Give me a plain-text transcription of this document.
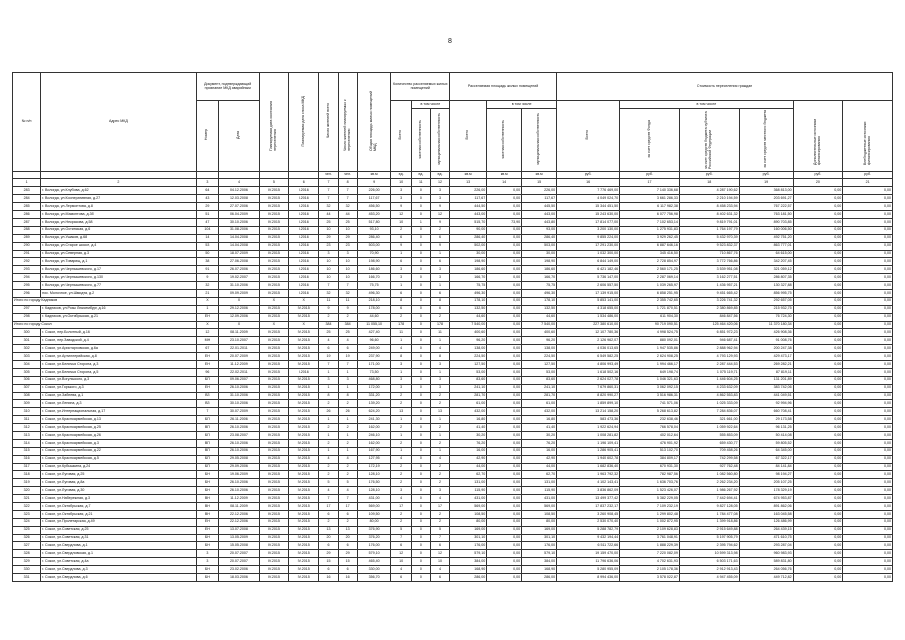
8
№ п/п	Адрес МКД	Документ, подтверждающий признание МКД аварийным		Планируемая дата окончания переселения	Планируемая дата сноса МКД	Число жителей всего	Число жителей планируемых к переселению	Общая площадь жилых помещений МКД	Количество расселяемых жилых помещений			Расселяемая площадь жилых помещений			Стоимость переселения граждан					
		Номер	Дата						Всего	в том числе		Всего	в том числе		Всего	в том числе			Дополнительные источники финансирования	Внебюджетные источники финансирования
										частная собственность	муниципальная собственность		частная собственность	муниципальная собственность		за счет средств Фонда	за счет средств бюджета субъекта Российской Федерации	за счет средств местного бюджета		
						чел.	чел.	кв.м	ед.	ед.	ед.	кв.м	кв.м	кв.м	руб.	руб.	руб.	руб.	руб.	руб.
1	2	3	4	5	6	7	8	9	10	11	12	13	14	15	16	17	18	19	20	21
283	г. Вологда, ул.Клубова, д.62	64	04.12.2006	IV.2015	I.2016	7	7	226,00	3	0	3	226,00	0,00	226,00	7 776 469,00	7 140 336,68	4 287 190,62	368 813,00	0,00	0,00
284	г. Вологда, ул.Кооперативная, д.27	43	12.03.2008	IV.2015	I.2016	7	7	117,67	3	0	3	117,67	0,00	117,67	4 049 024,70	3 661 286,33	2 210 194,59	203 691,27	0,00	0,00
285	г. Вологда, ул.Лермонтова, д.8	29	27.07.2006	IV.2015	I.2016	32	32	456,50	9	0	9	444,50	0,00	445,50	15 344 451,50	6 117 982,38	8 458 233,94	767 222,57	0,00	0,00
286	г. Вологда, ул.Мамонтова, д.3б	51	06.04.2009	IV.2015	I.2016	44	44	453,20	12	0	12	443,00	0,00	443,00	15 243 630,00	6 077 756,98	8 402 631,32	763 181,50	0,00	0,00
287	г. Вологда, ул.Некрасова, д.58	47	30.10.2006	IV.2015	I.2016	25	25	517,80	10	1	9	515,70	73,90	443,80	17 814 077,00	7 102 653,14	9 819 791,01	890 703,85	0,00	0,00
288	г. Вологда, ул.Остинская, д.6	104	31.08.2006	IV.2015	I.2016	10	10	93,10	2	0	2	90,00	0,00	93,00	3 200 130,00	1 275 931,83	1 764 197,79	160 006,50	0,00	0,00
289	г. Вологда, ул.Ушаков, д.68	14	14.04.2008	IV.2015	I.2016	29	29	286,40	6	0	6	286,40	0,00	286,40	9 855 224,00	3 929 262,45	5 432 970,39	492 751,20	0,00	0,00
290	г. Вологда, ул.Старое шоссе, д.4	53	14.04.2008	IV.2015	I.2016	23	23	503,00	9	0	9	502,00	0,00	503,00	17 291 230,00	6 887 646,16	9 523 832,37	863 777,01	0,00	0,00
291	г. Вологда, ул.Северная, д.3	50	18.07.2009	IV.2015	I.2016	3	3	70,90	1	0	1	30,00	0,00	30,00	1 032 300,00	345 416,50	710 867,76	64 615,00	0,00	0,00
292	г. Вологда, ул.Товарищ, д.1	38	27.06.2008	IV.2015	I.2016	10	10	198,90	6	0	6	198,90	0,00	198,90	6 844 149,00	2 728 854,97	3 772 766,86	342 207,45	0,00	0,00
293	г. Вологда, ул.Чернышевского, д.17	91	26.07.2006	IV.2015	I.2016	10	10	186,60	3	0	3	186,60	0,00	186,60	6 421 182,46	2 560 171,25	3 539 951,08	321 059,12	0,00	0,00
294	г. Вологда, ул.Чернышевского, д.130	9	19.02.2007	IV.2015	I.2016	10	10	166,70	3	0	3	166,70	0,00	166,70	5 736 147,00	2 287 069,14	3 162 277,51	286 807,35	0,00	0,00
295	г. Вологда, ул.Чернышевского, д.77	32	31.10.2006	IV.2015	I.2016	7	7	75,75	1	0	1	75,75	0,00	75,75	2 606 557,50	1 039 265,97	1 436 957,21	130 327,88	0,00	0,00
296	пос. Молочное, ул.Шмидта, д.2	21	09.09.2009	IV.2015	I.2016	32	32	496,30	6	0	6	496,30	0,00	496,30	17 139 915,00	6 858 251,95	9 451 665,42	856 995,75	0,00	0,00
Итого по городу Кадников		X	X	X	X	11	11	218,10	8	0	8	178,10	0,00	178,10	5 853 141,00	2 355 742,65	3 226 741,32	292 657,05	0,00	0,00
297	г. Кадников, ул.Розы Люксембург, д.16	1	29.12.2006	IV.2015	IV.2015	9	9	178,00	6	0	6	132,50	0,00	132,50	4 318 655,00	1 721 870,51	2 380 869,85	215 932,75	0,00	0,00
298	г. Кадников, ул.Октябрьская, д.21	EH	12.09.2006	IV.2015	IV.2015	2	2	44,60	2	0	2	44,60	0,00	44,60	1 534 486,00	611 904,30	846 847,56	76 724,30	0,00	0,00
Итого по городу Сокол		X	X	X	X	384	384	11 055,10	178	0	178	7 540,00	0,00	7 540,00	227 380 610,00	90 719 090,51	125 464 420,06	11 370 180,34	0,00	0,00
300	г. Сокол, пер.Болотный, д.16	12	08.11.2009	IV.2015	IV.2015	25	25	427,40	11	0	11	400,60	0,00	400,60	12 107 780,36	4 998 524,75	6 851 972,23	426 908,36	0,00	0,00
301	г. Сокол, пер.Заводской, д.4	МН	23.10.2007	IV.2015	IV.2015	4	4	96,60	1	0	1	96,20	0,00	96,20	2 126 962,07	880 092,01	946 687,41	91 008,76	0,00	0,00
302	г. Сокол, ул.Аристарховская, д.6а	67	22.01.2011	IV.2015	IV.2015	6	6	249,00	4	0	4	138,00	0,00	138,00	4 036 013,65	1 947 535,86	2 888 962,94	200 247,38	0,00	0,00
303	г. Сокол, ул.Артиллерийская, д.8	EH	20.07.2009	IV.2015	IV.2015	19	19	237,90	8	0	8	224,50	0,00	224,50	6 549 582,25	2 624 908,25	4 793 129,93	429 473,17	0,00	0,00
304	г. Сокол, ул.Беличья Сторона, д.3	EH	11.12.2009	IV.2015	IV.2015	7	7	171,00	3	0	3	127,50	0,00	127,50	4 806 993,49	1 994 466,17	2 287 444,53	269 282,21	0,00	0,00
305	г. Сокол, ул.Беличья Сторона, д.5	96	22.02.2011	IV.2015	I.2016	1	1	73,50	1	0	1	53,00	0,00	53,00	1 618 502,16	649 198,74	1 075 119,71	87 819,11	0,00	0,00
306	г. Сокол, ул.Вогульского, д.3	БП	09.06.2007	IV.2015	IV.2015	3	3	468,80	3	0	3	83,60	0,00	83,60	2 624 027,78	1 046 321,63	1 446 604,25	131 201,89	0,00	0,00
307	г. Сокол, ул.Горького, д.3	EH	26.10.2006	IV.2015	IV.2015	1	1	172,00	3	0	3	241,10	0,00	241,10	7 679 860,31	3 062 092,15	4 233 632,09	383 742,06	0,00	0,00
308	г. Сокол, ул.Забнева, д.1	ВЗ	31.10.2006	IV.2015	IV.2015	8	8	331,20	2	0	2	281,70	0,00	281,70	8 820 990,27	3 516 986,31	4 862 553,83	441 049,51	0,00	0,00
309	г. Сокол, ул.Ленина, д.3	ВЗ	30.10.2006	IV.2015	IV.2015	2	2	139,20	2	0	2	61,00	0,00	61,00	1 859 899,10	741 571,06	1 025 333,09	92 994,96	0,00	0,00
310	г. Сокол, ул.Интернациональная, д.17	7	30.07.2009	IV.2015	IV.2015	26	26	624,20	13	0	13	432,00	0,00	432,00	13 214 158,20	5 268 613,82	7 284 836,07	660 708,41	0,00	0,00
311	г. Сокол, ул.Красноармейская, д.13	БП	26.11.2006	IV.2015	IV.2015	1	1	241,30	1	0	1	16,80	0,00	16,80	583 473,36	232 638,46	321 661,00	29 173,58	0,00	0,00
312	г. Сокол, ул.Красноармейская, д.25	ВП	26.10.2006	IV.2015	IV.2015	2	2	162,00	2	0	2	41,40	0,00	41,40	1 922 624,94	766 578,04	1 059 922,64	96 131,25	0,00	0,00
313	г. Сокол, ул.Красноармейская, д.26	БП	23.08.2007	IV.2015	IV.2015	1	1	246,10	1	0	1	30,20	0,00	30,20	1 008 281,82	402 012,64	555 853,09	50 414,08	0,00	0,00
314	г. Сокол, ул.Красноармейская, д.3	ВП	26.10.2006	IV.2015	IV.2015	2	2	162,00	2	0	2	76,20	0,00	76,20	1 196 109,41	476 901,92	659 430,77	59 805,52	0,00	0,00
315	г. Сокол, ул.Красноармейская, д.22	ВП	26.10.2006	IV.2015	IV.2015	1	1	167,90	1	0	1	16,00	0,00	16,00	1 286 905,41	513 102,70	709 458,26	64 345,00	0,00	0,00
316	г. Сокол, ул.Красноармейская, д.5	БП	29.05.2008	IV.2015	IV.2015	4	4	127,95	4	0	4	42,90	0,00	42,90	1 940 602,78	384 809,17	742 299,58	67 322,17	0,00	0,00
317	г. Сокол, ул.Кубышкина, д.24	БП	29.09.2006	IV.2015	IV.2015	2	2	172,19	2	0	2	44,00	0,00	44,00	1 682 836,40	670 931,30	927 762,48	84 141,84	0,00	0,00
318	г. Сокол, ул.Луговая, д.25	БН	19.06.2009	IV.2015	IV.2015	2	2	128,10	2	0	2	62,70	0,00	62,70	1 963 792,32	782 987,56	1 082 560,80	98 194,27	0,00	0,00
319	г. Сокол, ул.Луговая, д.8а	БН	26.10.2006	IV.2015	IV.2015	5	5	176,50	2	0	2	131,00	0,00	131,00	4 102 143,41	1 636 703,76	2 262 234,20	205 107,25	0,00	0,00
320	г. Сокол, ул.Луговая, д.30	БН	26.10.2006	IV.2015	IV.2015	4	4	128,10	3	0	3	115,90	0,00	115,90	3 836 862,09	1 523 426,07	1 986 267,92	178 329,19	0,00	0,00
321	г. Сокол, ул.Набережная, д.3	ВН	11.12.2009	IV.2015	IV.2015	7	7	431,00	4	0	4	431,00	0,00	431,00	13 499 377,42	5 382 229,05	7 442 694,41	674 953,87	0,00	0,00
322	г. Сокол, ул.Октябрьская, д.7	ВН	08.11.2009	IV.2015	IV.2015	17	17	569,00	17	0	17	569,00	0,00	569,00	17 837 232,17	7 109 232,19	9 827 128,05	891 862,06	0,00	0,00
323	г. Сокол, ул.Октябрьская, д.21	ВН	22.12.2006	IV.2015	IV.2015	6	6	109,50	2	0	2	108,50	0,00	108,50	3 260 908,45	1 299 802,48	1 784 477,08	163 045,58	0,00	0,00
324	г. Сокол, ул.Пролетарская, д.49	ЕН	22.12.2006	IV.2015	IV.2015	2	2	80,00	2	0	2	80,00	0,00	80,00	2 530 070,40	1 002 872,95	1 399 918,86	126 486,99	0,00	0,00
325	г. Сокол, ул.Советская, д.25	ЕН	13.07.2008	IV.2015	IV.2015	13	13	376,90	5	0	5	169,00	0,00	169,00	5 288 782,79	2 109 628,83	2 915 649,88	264 439,15	0,00	0,00
326	г. Сокол, ул.Советская, д.31	БН	13.05.2009	IV.2015	IV.2015	20	20	376,20	7	0	7	301,10	0,00	301,10	9 432 194,44	3 761 048,91	5 197 905,79	471 610,75	0,00	0,00
327	г. Сокол, ул.Свердлова, д.1	БН	15.05.2008	IV.2015	IV.2015	6	6	176,00	6	0	6	176,00	0,00	176,00	6 511 722,66	1 888 229,39	2 395 794,62	293 287,04	0,00	0,00
328	г. Сокол, ул.Свердловская, д.1	3	20.07.2007	IV.2015	IV.2015	29	29	579,10	12	0	12	579,10	0,00	579,10	19 159 470,00	7 220 082,09	10 599 313,98	960 983,93	0,00	0,00
329	г. Сокол, ул.Советская, д.4а	3	20.07.2007	IV.2015	IV.2015	15	15	465,40	10	0	10	384,00	0,00	384,00	11 796 636,06	4 702 631,93	6 503 171,63	589 831,80	0,00	0,00
330	г. Сокол, ул.Свердлова, д.3	БН	23.02.2006	IV.2015	IV.2015	6	6	330,00	4	0	4	168,90	0,00	168,90	5 280 955,09	2 105 178,36	2 912 913,43	264 056,76	0,00	0,00
331	г. Сокол, ул.Свердлова, д.6	БН	18.03.2006	IV.2015	IV.2015	16	16	356,70	6	0	6	286,00	0,00	286,00	8 994 436,00	3 578 022,87	4 947 455,09	449 712,82	0,00	0,00
